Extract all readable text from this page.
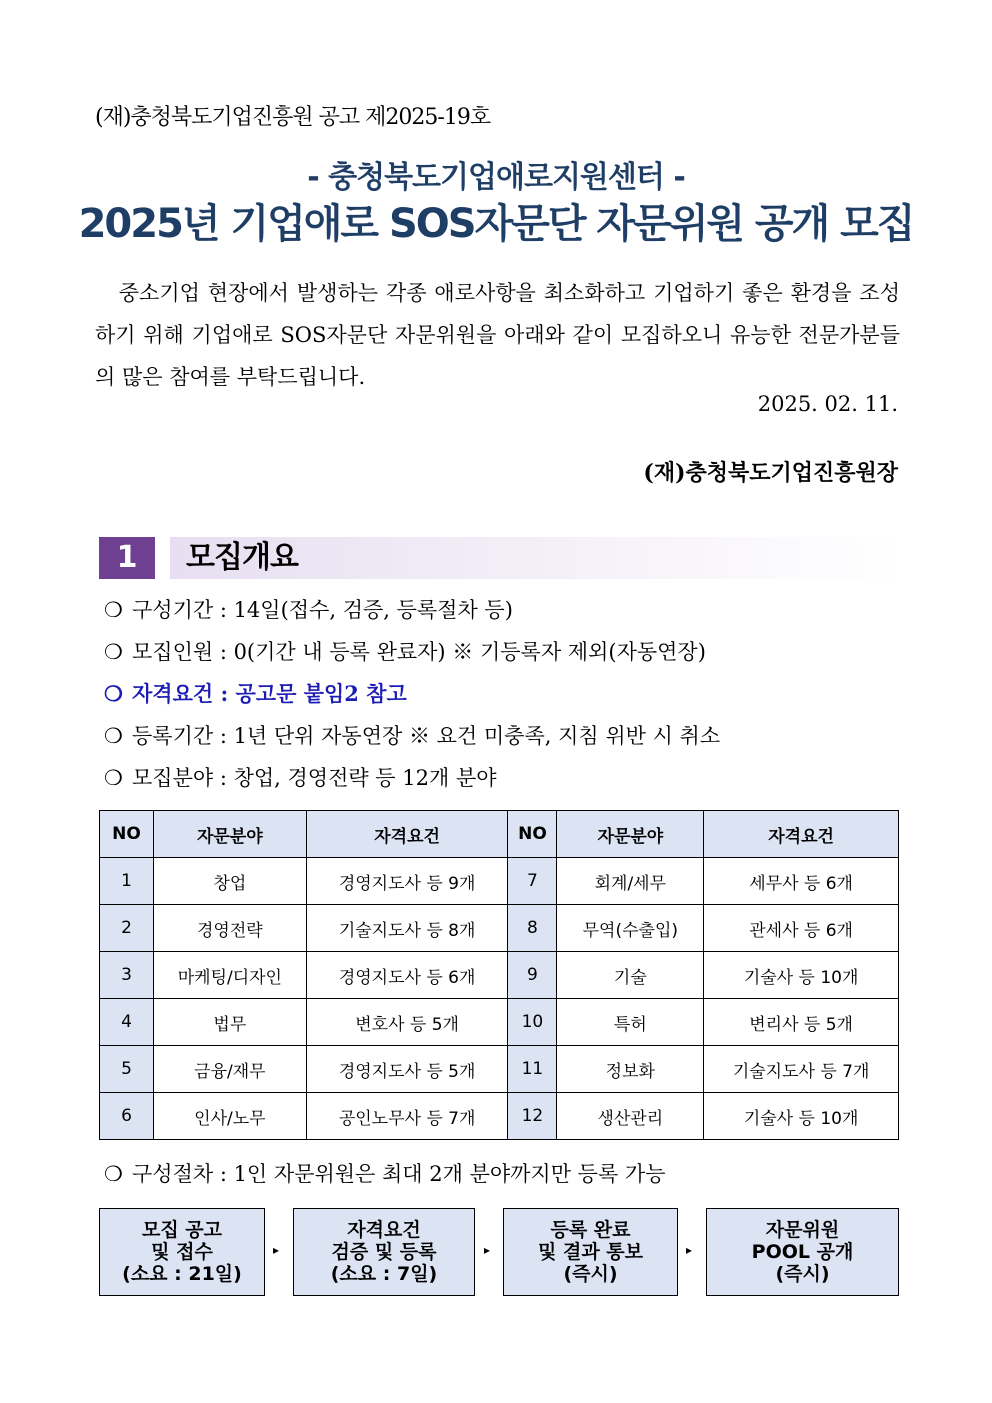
(재)충청북도기업진흥원 공고 제2025-19호
- 충청북도기업애로지원센터 -
2025년 기업애로 SOS자문단 자문위원 공개 모집
중소기업 현장에서 발생하는 각종 애로사항을 최소화하고 기업하기 좋은 환경을 조성하기 위해 기업애로 SOS자문단 자문위원을 아래와 같이 모집하오니 유능한 전문가분들의 많은 참여를 부탁드립니다.
2025. 02. 11.
(재)충청북도기업진흥원장
1	모집개요
❍ 구성기간 : 14일(접수, 검증, 등록절차 등)
❍ 모집인원 : 0(기간 내 등록 완료자) ※ 기등록자 제외(자동연장)
❍ 자격요건 : 공고문 붙임2 참고
❍ 등록기간 : 1년 단위 자동연장 ※ 요건 미충족, 지침 위반 시 취소
❍ 모집분야 : 창업, 경영전략 등 12개 분야
NO	자문분야	자격요건	NO	자문분야	자격요건
1	창업	경영지도사 등 9개	7	회계/세무	세무사 등 6개
2	경영전략	기술지도사 등 8개	8	무역(수출입)	관세사 등 6개
3	마케팅/디자인	경영지도사 등 6개	9	기술	기술사 등 10개
4	법무	변호사 등 5개	10	특허	변리사 등 5개
5	금융/재무	경영지도사 등 5개	11	정보화	기술지도사 등 7개
6	인사/노무	공인노무사 등 7개	12	생산관리	기술사 등 10개
❍ 구성절차 : 1인 자문위원은 최대 2개 분야까지만 등록 가능
모집 공고
및 접수
(소요 : 21일)
▸
자격요건
검증 및 등록
(소요 : 7일)
▸
등록 완료
및 결과 통보
(즉시)
▸
자문위원
POOL 공개
(즉시)
